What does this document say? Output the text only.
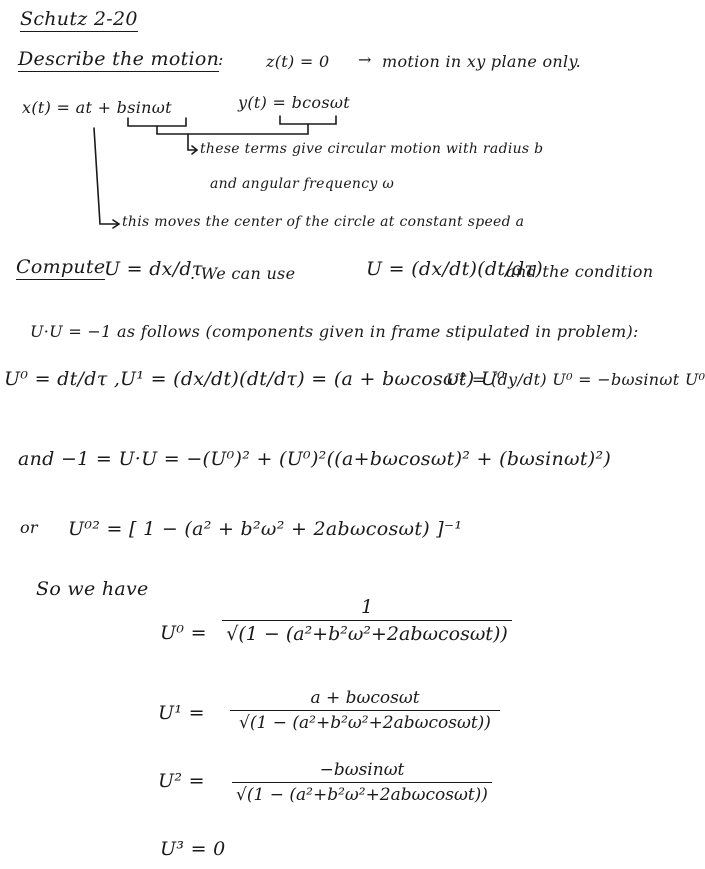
Schutz 2-20
Describe the motion
:	z(t) = 0 → motion in xy plane only.
x(t) = at + bsinωt	y(t) = bcosωt
these terms give circular motion with radius b
and angular frequency ω
this moves the center of the circle at constant speed a
Compute
U = dx/dτ
. We can use	U = (dx/dt)(dt/dτ)
and the condition
U·U = −1 as follows (components given in frame stipulated in problem):
U⁰ = dt/dτ , U¹ = (dx/dt)(dt/dτ) = (a + bωcosωt) U⁰
U² = (dy/dt) U⁰ = −bωsinωt U⁰
and −1 = U·U = −(U⁰)² + (U⁰)²((a+bωcosωt)² + (bωsinωt)²)
or U⁰² = [ 1 − (a² + b²ω² + 2abωcosωt) ]⁻¹
So we have
U⁰ =
1
√(1 − (a²+b²ω²+2abωcosωt))
U¹ =
a + bωcosωt
√(1 − (a²+b²ω²+2abωcosωt))
U² =	−bωsinωt
√(1 − (a²+b²ω²+2abωcosωt))
U³ = 0
